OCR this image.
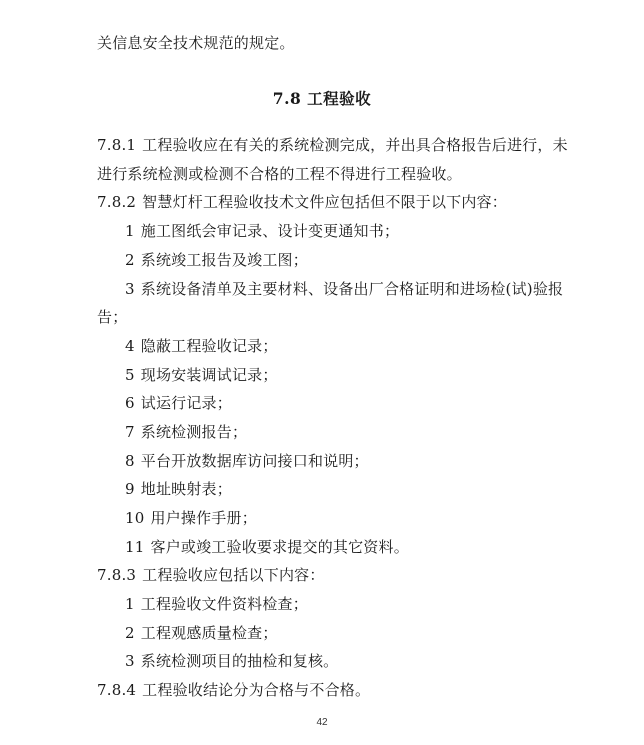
关信息安全技术规范的规定。
7.8 工程验收
7.8.1 工程验收应在有关的系统检测完成，并出具合格报告后进行，未
进行系统检测或检测不合格的工程不得进行工程验收。
7.8.2 智慧灯杆工程验收技术文件应包括但不限于以下内容：
1 施工图纸会审记录、设计变更通知书；
2 系统竣工报告及竣工图；
3 系统设备清单及主要材料、设备出厂合格证明和进场检(试)验报
告；
4 隐蔽工程验收记录；
5 现场安装调试记录；
6 试运行记录；
7 系统检测报告；
8 平台开放数据库访问接口和说明；
9 地址映射表；
10 用户操作手册；
11 客户或竣工验收要求提交的其它资料。
7.8.3 工程验收应包括以下内容：
1 工程验收文件资料检查；
2 工程观感质量检查；
3 系统检测项目的抽检和复核。
7.8.4 工程验收结论分为合格与不合格。
42
